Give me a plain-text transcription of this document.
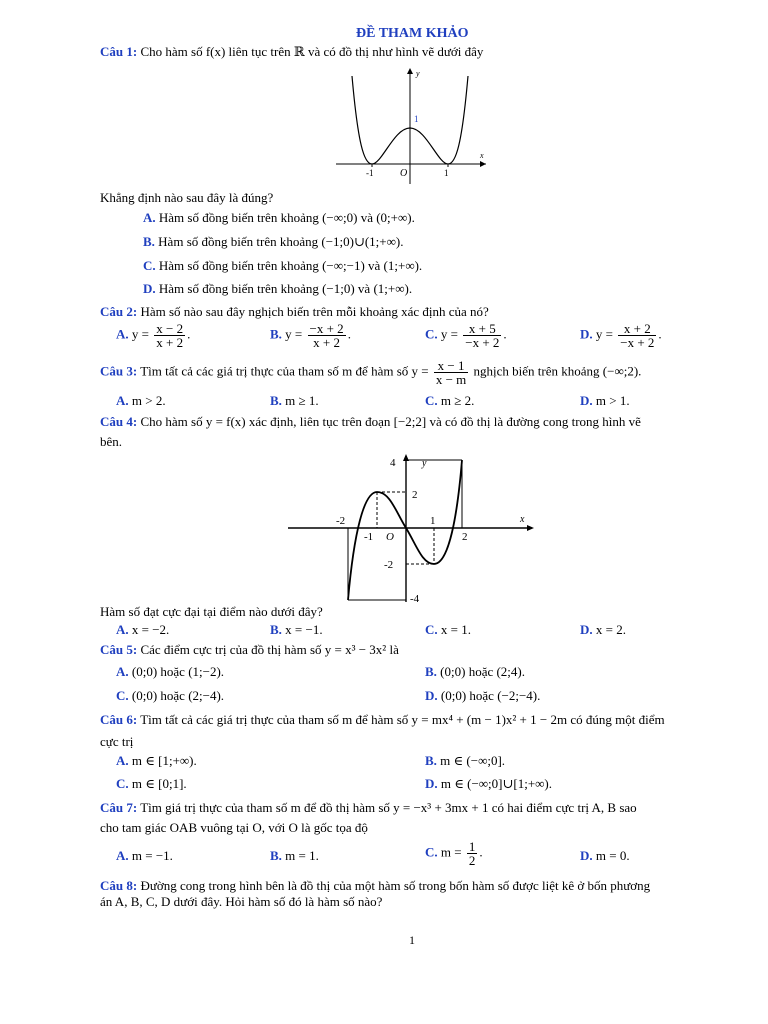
ĐỀ THAM KHẢO
Câu 1: Cho hàm số f(x) liên tục trên ℝ và có đồ thị như hình vẽ dưới đây
y
x
1
-1	1
O
Khẳng định nào sau đây là đúng?
A. Hàm số đồng biến trên khoảng (−∞;0) và (0;+∞).
B. Hàm số đồng biến trên khoảng (−1;0)∪(1;+∞).
C. Hàm số đồng biến trên khoảng (−∞;−1) và (1;+∞).
D. Hàm số đồng biến trên khoảng (−1;0) và (1;+∞).
Câu 2: Hàm số nào sau đây nghịch biến trên mỗi khoảng xác định của nó?
A. $y = \frac{x - 2}{x + 2}$ .	B. $y = \frac{-x + 2}{x + 2}$ .	C. $y = \frac{x + 5}{-x + 2}$ .	D. $y = \frac{x + 2}{-x + 2}$ .
Câu 3: Tìm tất cả các giá trị thực của tham số m để hàm số $y = \frac{x - 1}{x - m}$ nghịch biến trên khoảng (−∞;2).
A. m > 2.	B. m ≥ 1.	C. m ≥ 2.	D. m > 1.
Câu 4: Cho hàm số y = f(x) xác định, liên tục trên đoạn [−2;2] và có đồ thị là đường cong trong hình vẽ
bên.
y
x
4
2
-2
-4
-2
-1
1
2
O
Hàm số đạt cực đại tại điểm nào dưới đây?
A. x = −2.	B. x = −1.	C. x = 1.	D. x = 2.
Câu 5: Các điểm cực trị của đồ thị hàm số y = x³ − 3x² là
A. (0;0) hoặc (1;−2).	B. (0;0) hoặc (2;4).
C. (0;0) hoặc (2;−4).	D. (0;0) hoặc (−2;−4).
Câu 6: Tìm tất cả các giá trị thực của tham số m để hàm số y = mx⁴ + (m − 1)x² + 1 − 2m có đúng một điểm
cực trị
A. m ∈ [1;+∞).	B. m ∈ (−∞;0].
C. m ∈ [0;1].	D. m ∈ (−∞;0]∪[1;+∞).
Câu 7: Tìm giá trị thực của tham số m để đồ thị hàm số y = −x³ + 3mx + 1 có hai điểm cực trị A, B sao
cho tam giác OAB vuông tại O, với O là gốc tọa độ
A. m = −1.	B. m = 1.	C. $m = \frac{1}{2}$ .	D. m = 0.
Câu 8: Đường cong trong hình bên là đồ thị của một hàm số trong bốn hàm số được liệt kê ở bốn phương
án A, B, C, D dưới đây. Hỏi hàm số đó là hàm số nào?
1
